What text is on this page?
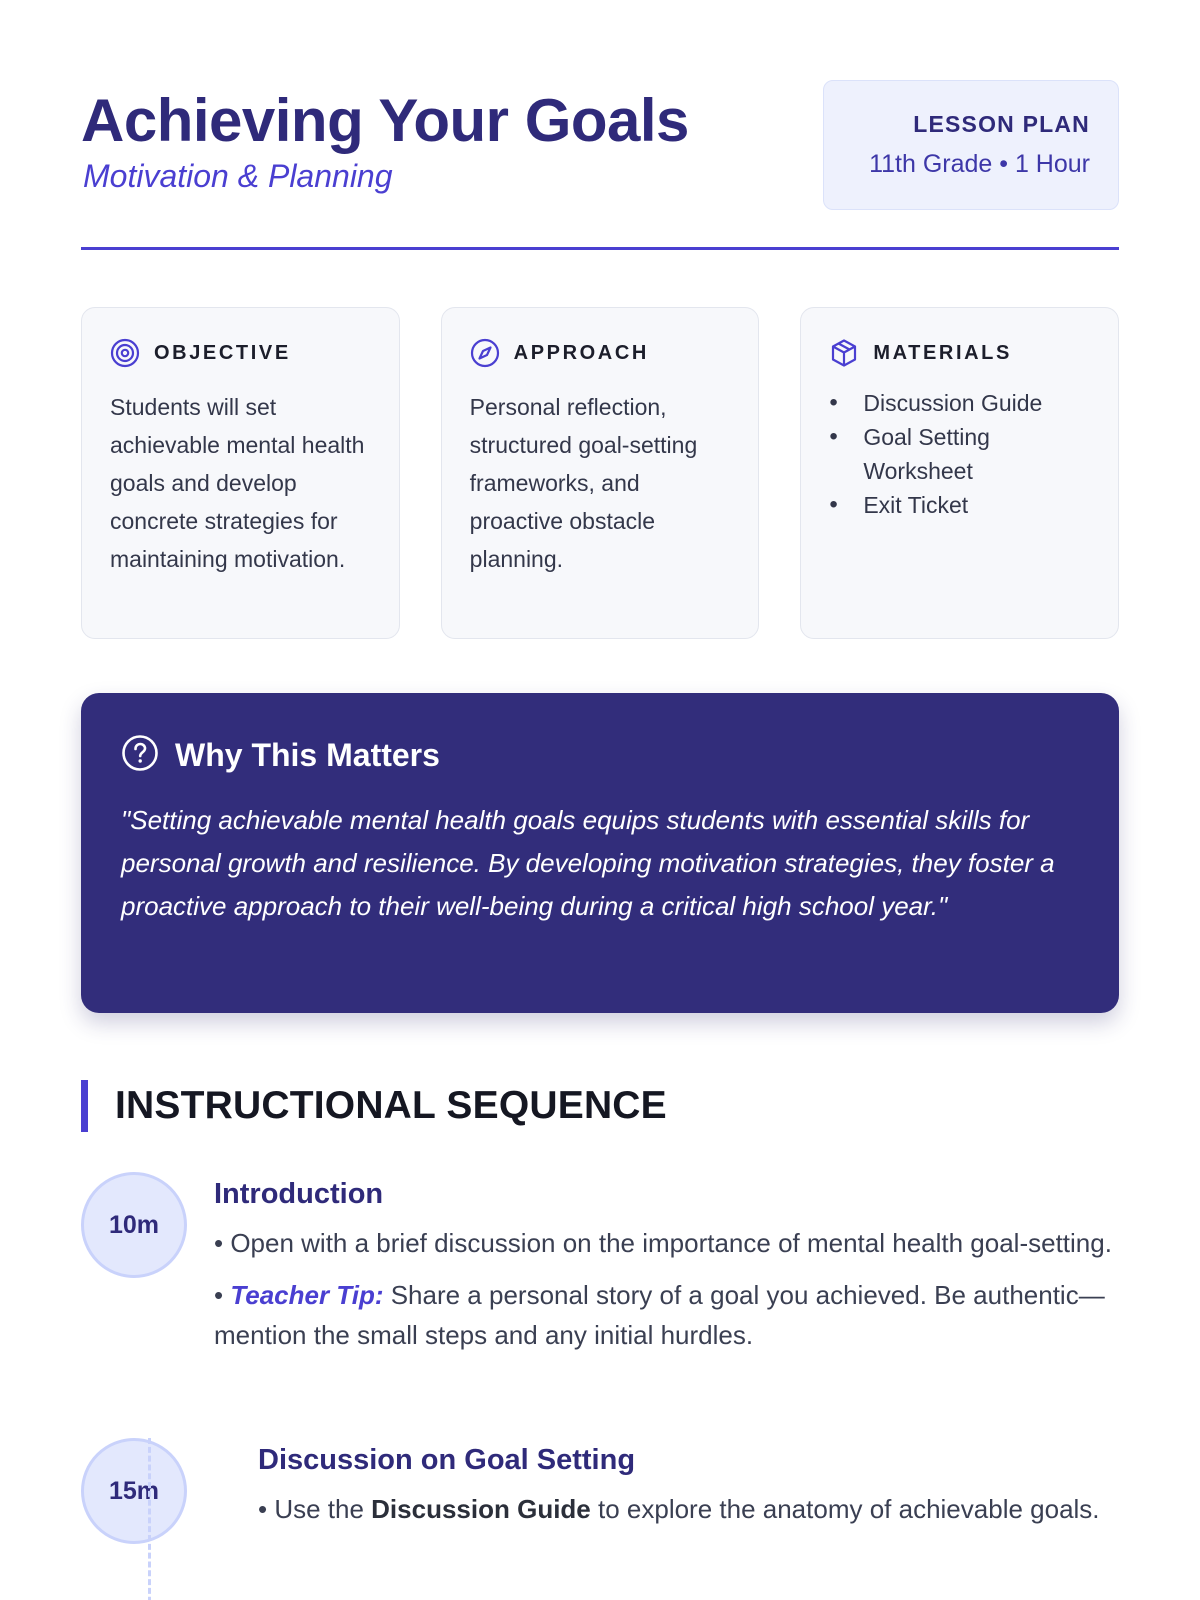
Achieving Your Goals
Motivation & Planning
LESSON PLAN
11th Grade • 1 Hour
OBJECTIVE

Students will set achievable mental health goals and develop concrete strategies for maintaining motivation.

APPROACH

Personal reflection, structured goal-setting frameworks, and proactive obstacle planning.

MATERIALS
• Discussion Guide
• Goal Setting Worksheet
• Exit Ticket
Why This Matters

"Setting achievable mental health goals equips students with essential skills for personal growth and resilience. By developing motivation strategies, they foster a proactive approach to their well-being during a critical high school year."

INSTRUCTIONAL SEQUENCE
10m
Introduction

• Open with a brief discussion on the importance of mental health goal-setting.

• Teacher Tip: Share a personal story of a goal you achieved. Be authentic—mention the small steps and any initial hurdles.

15m
Discussion on Goal Setting

• Use the Discussion Guide to explore the anatomy of achievable goals.
